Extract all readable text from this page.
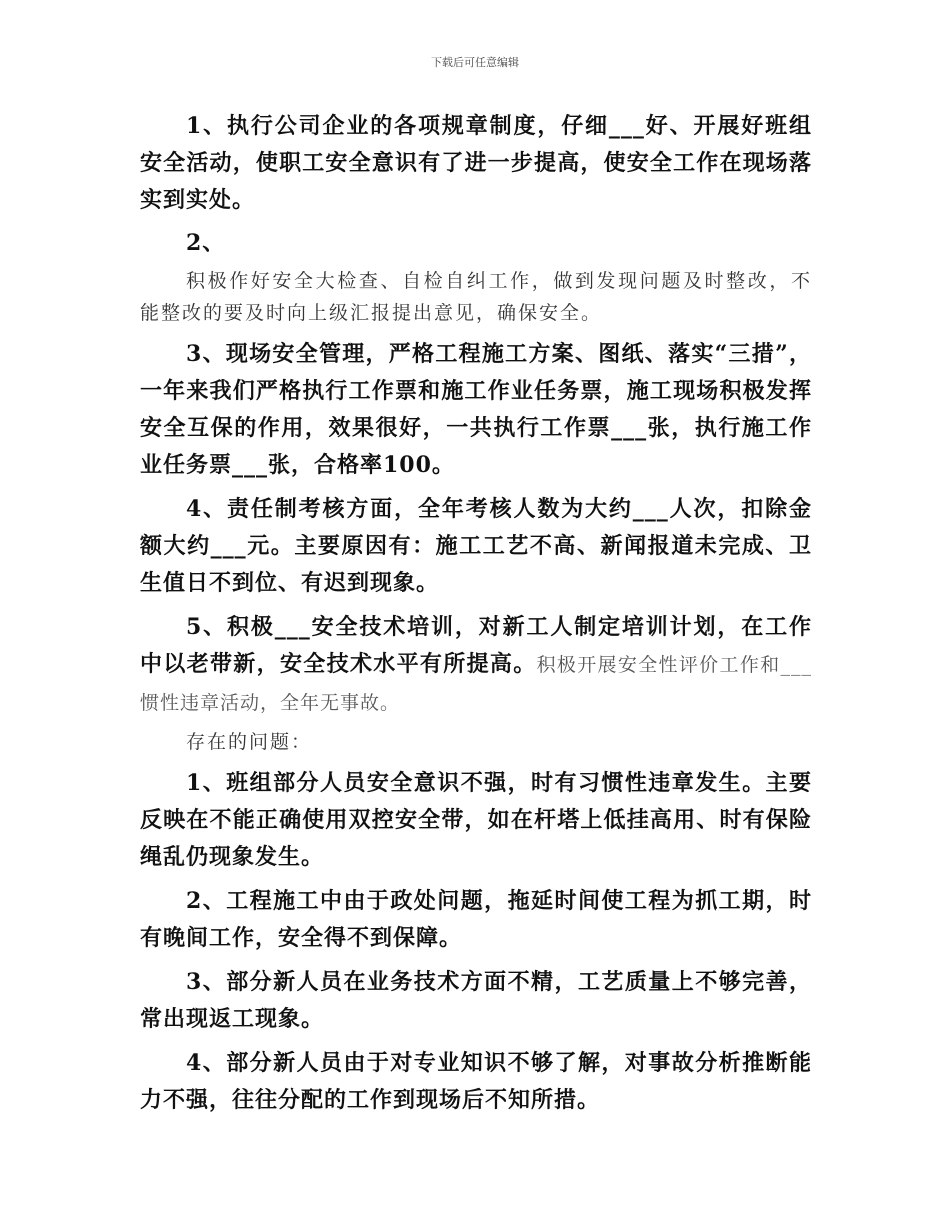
下载后可任意编辑

1、执行公司企业的各项规章制度，仔细___好、开展好班组安全活动，使职工安全意识有了进一步提高，使安全工作在现场落实到实处。

2、

积极作好安全大检查、自检自纠工作，做到发现问题及时整改，不能整改的要及时向上级汇报提出意见，确保安全。

3、现场安全管理，严格工程施工方案、图纸、落实“三措”，一年来我们严格执行工作票和施工作业任务票，施工现场积极发挥安全互保的作用，效果很好，一共执行工作票___张，执行施工作业任务票___张，合格率100。

4、责任制考核方面，全年考核人数为大约___人次，扣除金额大约___元。主要原因有：施工工艺不高、新闻报道未完成、卫生值日不到位、有迟到现象。

5、积极___安全技术培训，对新工人制定培训计划，在工作中以老带新，安全技术水平有所提高。积极开展安全性评价工作和___惯性违章活动，全年无事故。

存在的问题：

1、班组部分人员安全意识不强，时有习惯性违章发生。主要反映在不能正确使用双控安全带，如在杆塔上低挂高用、时有保险绳乱仍现象发生。

2、工程施工中由于政处问题，拖延时间使工程为抓工期，时有晚间工作，安全得不到保障。

3、部分新人员在业务技术方面不精，工艺质量上不够完善，常出现返工现象。

4、部分新人员由于对专业知识不够了解，对事故分析推断能力不强，往往分配的工作到现场后不知所措。
